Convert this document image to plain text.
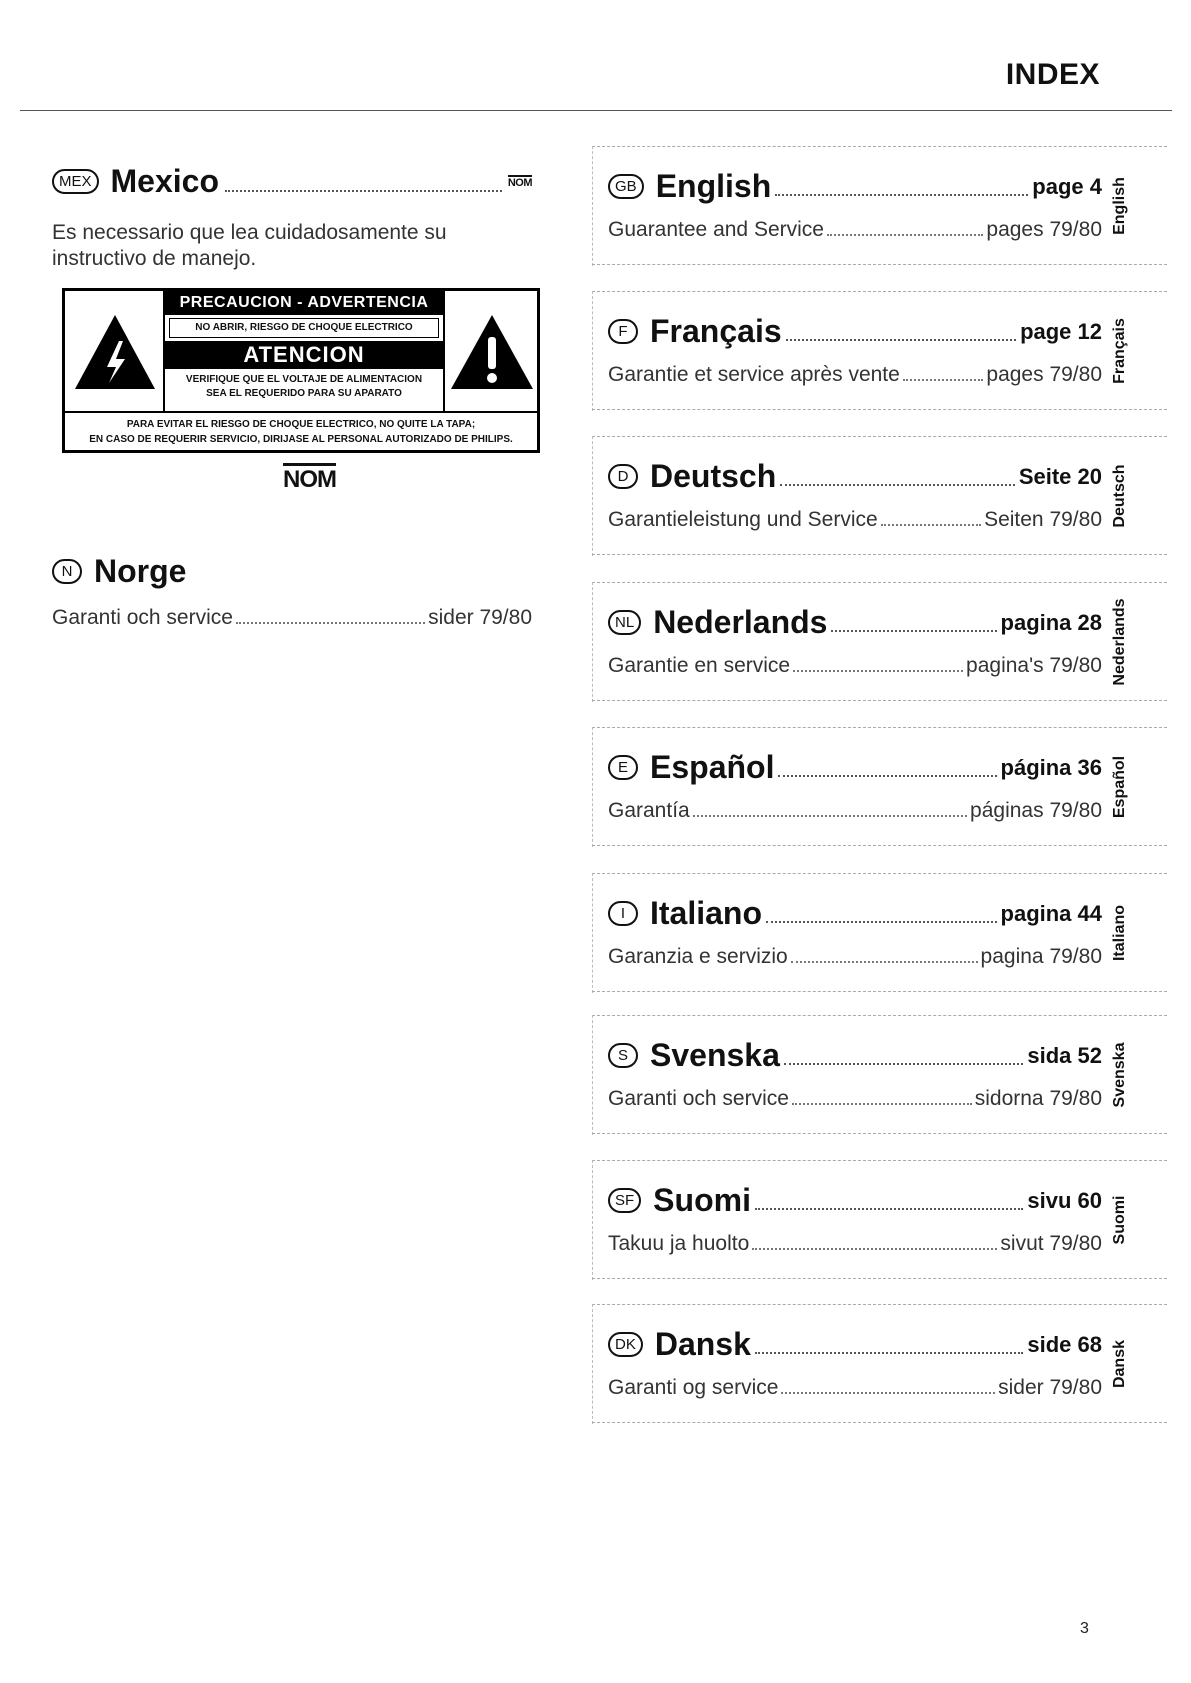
INDEX
MEX Mexico	NOM
Es necessario que lea cuidadosamente su
instructivo de manejo.
PRECAUCION - ADVERTENCIA
NO ABRIR, RIESGO DE CHOQUE ELECTRICO
ATENCION
VERIFIQUE QUE EL VOLTAJE DE ALIMENTACION
SEA EL REQUERIDO PARA SU APARATO
PARA EVITAR EL RIESGO DE CHOQUE ELECTRICO, NO QUITE LA TAPA;
EN CASO DE REQUERIR SERVICIO, DIRIJASE AL PERSONAL AUTORIZADO DE PHILIPS.
NOM
N Norge
Garanti och service	sider 79/80
GB English	page 4
Guarantee and Service	pages 79/80 English
F Français	page 12
Garantie et service après vente	pages 79/80 Français
D Deutsch	Seite 20
Garantieleistung und Service	Seiten 79/80 Deutsch
NL Nederlands	pagina 28
Garantie en service	pagina's 79/80 Nederlands
E Español	página 36
Garantía	páginas 79/80 Español
I Italiano	pagina 44
Garanzia e servizio	pagina 79/80 Italiano
S Svenska	sida 52
Garanti och service	sidorna 79/80 Svenska
SF Suomi	sivu 60
Takuu ja huolto	sivut 79/80 Suomi
DK Dansk	side 68
Garanti og service	sider 79/80 Dansk
3
